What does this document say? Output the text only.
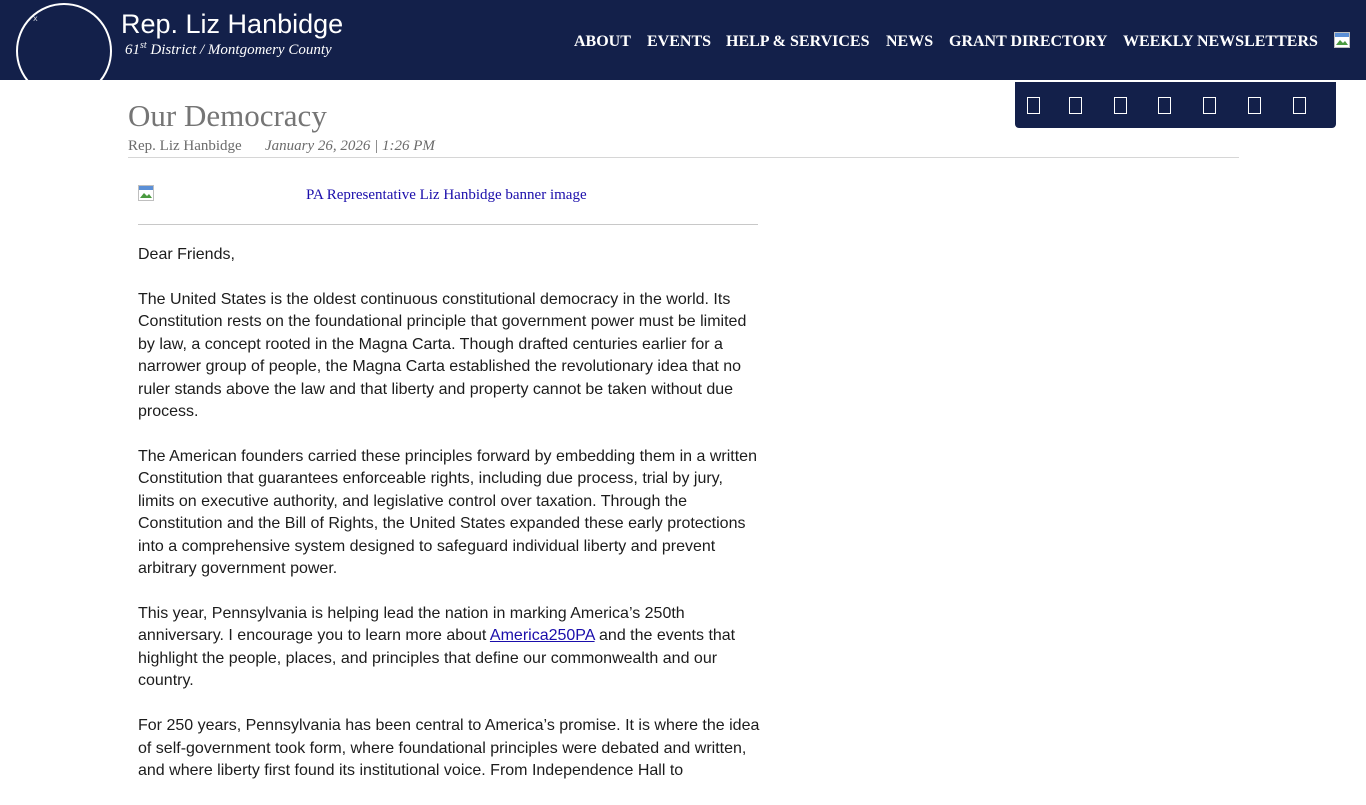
x	Rep. Liz Hanbidge
61st District / Montgomery County	ABOUT EVENTS HELP & SERVICES NEWS GRANT DIRECTORY WEEKLY NEWSLETTERS
Our Democracy
Rep. Liz Hanbidge January 26, 2026 | 1:26 PM
PA Representative Liz Hanbidge banner image

Dear Friends,

The United States is the oldest continuous constitutional democracy in the world. Its Constitution rests on the foundational principle that government power must be limited by law, a concept rooted in the Magna Carta. Though drafted centuries earlier for a narrower group of people, the Magna Carta established the revolutionary idea that no ruler stands above the law and that liberty and property cannot be taken without due process.

The American founders carried these principles forward by embedding them in a written Constitution that guarantees enforceable rights, including due process, trial by jury, limits on executive authority, and legislative control over taxation. Through the Constitution and the Bill of Rights, the United States expanded these early protections into a comprehensive system designed to safeguard individual liberty and prevent arbitrary government power.

This year, Pennsylvania is helping lead the nation in marking America’s 250th anniversary. I encourage you to learn more about America250PA and the events that highlight the people, places, and principles that define our commonwealth and our country.

For 250 years, Pennsylvania has been central to America’s promise. It is where the idea of self-government took form, where foundational principles were debated and written, and where liberty first found its institutional voice. From Independence Hall to
